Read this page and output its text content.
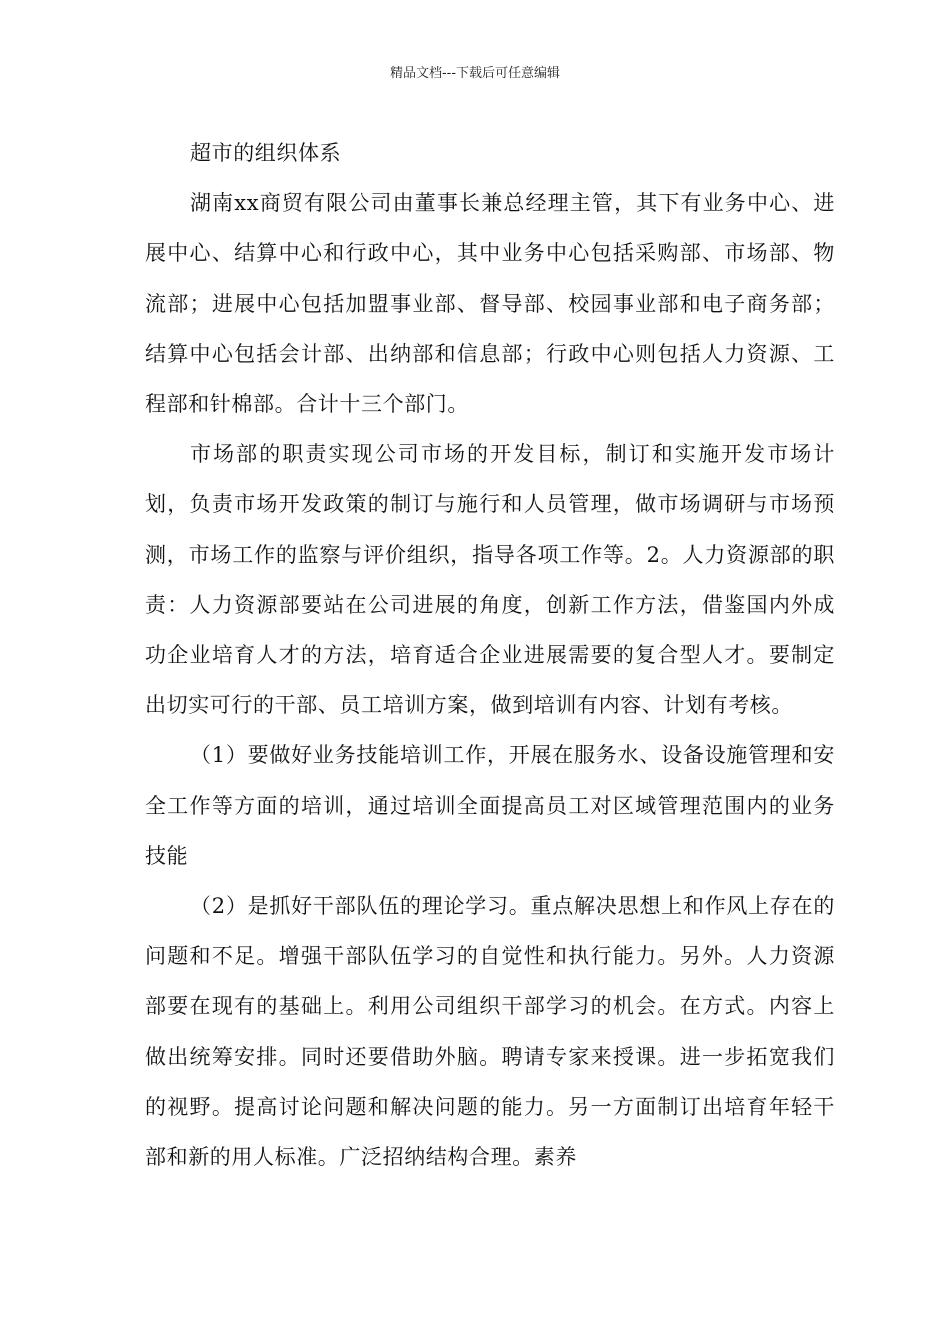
精品文档---下载后可任意编辑

超市的组织体系

湖南xx商贸有限公司由董事长兼总经理主管，其下有业务中心、进展中心、结算中心和行政中心，其中业务中心包括采购部、市场部、物流部；进展中心包括加盟事业部、督导部、校园事业部和电子商务部；结算中心包括会计部、出纳部和信息部；行政中心则包括人力资源、工程部和针棉部。合计十三个部门。

市场部的职责实现公司市场的开发目标，制订和实施开发市场计划，负责市场开发政策的制订与施行和人员管理，做市场调研与市场预测，市场工作的监察与评价组织，指导各项工作等。2。人力资源部的职责：人力资源部要站在公司进展的角度，创新工作方法，借鉴国内外成功企业培育人才的方法，培育适合企业进展需要的复合型人才。要制定出切实可行的干部、员工培训方案，做到培训有内容、计划有考核。

（1）要做好业务技能培训工作，开展在服务水、设备设施管理和安全工作等方面的培训，通过培训全面提高员工对区域管理范围内的业务技能

（2）是抓好干部队伍的理论学习。重点解决思想上和作风上存在的问题和不足。增强干部队伍学习的自觉性和执行能力。另外。人力资源部要在现有的基础上。利用公司组织干部学习的机会。在方式。内容上做出统筹安排。同时还要借助外脑。聘请专家来授课。进一步拓宽我们的视野。提高讨论问题和解决问题的能力。另一方面制订出培育年轻干部和新的用人标准。广泛招纳结构合理。素养
